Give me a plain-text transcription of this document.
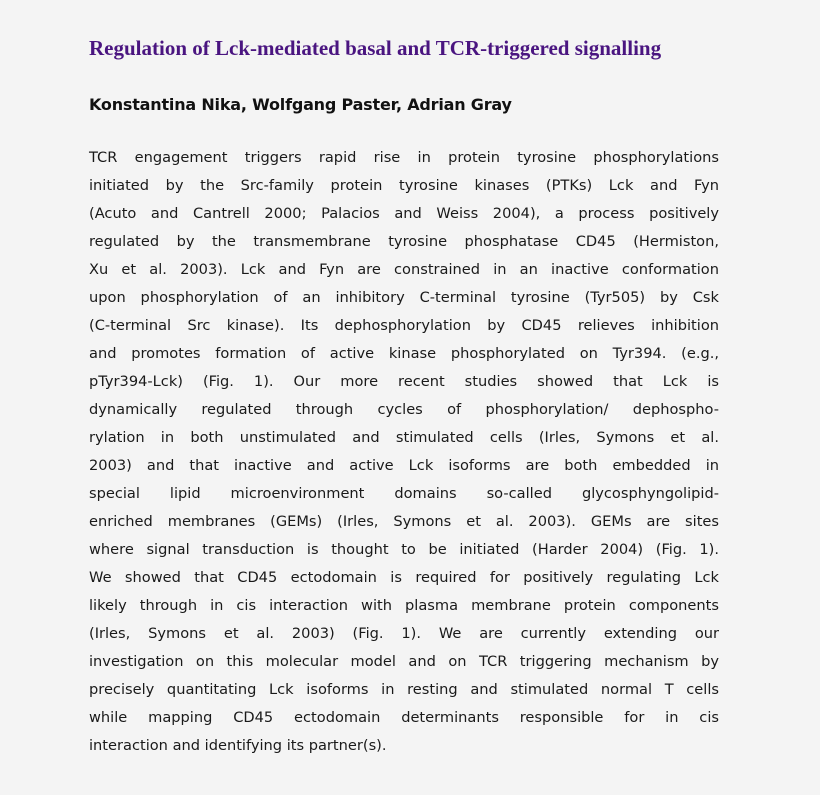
Regulation of Lck-mediated basal and TCR-triggered signalling
Konstantina Nika, Wolfgang Paster, Adrian Gray
TCR engagement triggers rapid rise in protein tyrosine phosphorylations
initiated by the Src-family protein tyrosine kinases (PTKs) Lck and Fyn
(Acuto and Cantrell 2000; Palacios and Weiss 2004), a process positively
regulated by the transmembrane tyrosine phosphatase CD45 (Hermiston,
Xu et al. 2003). Lck and Fyn are constrained in an inactive conformation
upon phosphorylation of an inhibitory C-terminal tyrosine (Tyr505) by Csk
(C-terminal Src kinase). Its dephosphorylation by CD45 relieves inhibition
and promotes formation of active kinase phosphorylated on Tyr394. (e.g.,
pTyr394-Lck) (Fig. 1). Our more recent studies showed that Lck is
dynamically regulated through cycles of phosphorylation/ dephospho-
rylation in both unstimulated and stimulated cells (Irles, Symons et al.
2003) and that inactive and active Lck isoforms are both embedded in
special lipid microenvironment domains so-called glycosphyngolipid-
enriched membranes (GEMs) (Irles, Symons et al. 2003). GEMs are sites
where signal transduction is thought to be initiated (Harder 2004) (Fig. 1).
We showed that CD45 ectodomain is required for positively regulating Lck
likely through in cis interaction with plasma membrane protein components
(Irles, Symons et al. 2003) (Fig. 1). We are currently extending our
investigation on this molecular model and on TCR triggering mechanism by
precisely quantitating Lck isoforms in resting and stimulated normal T cells
while mapping CD45 ectodomain determinants responsible for in cis
interaction and identifying its partner(s).
